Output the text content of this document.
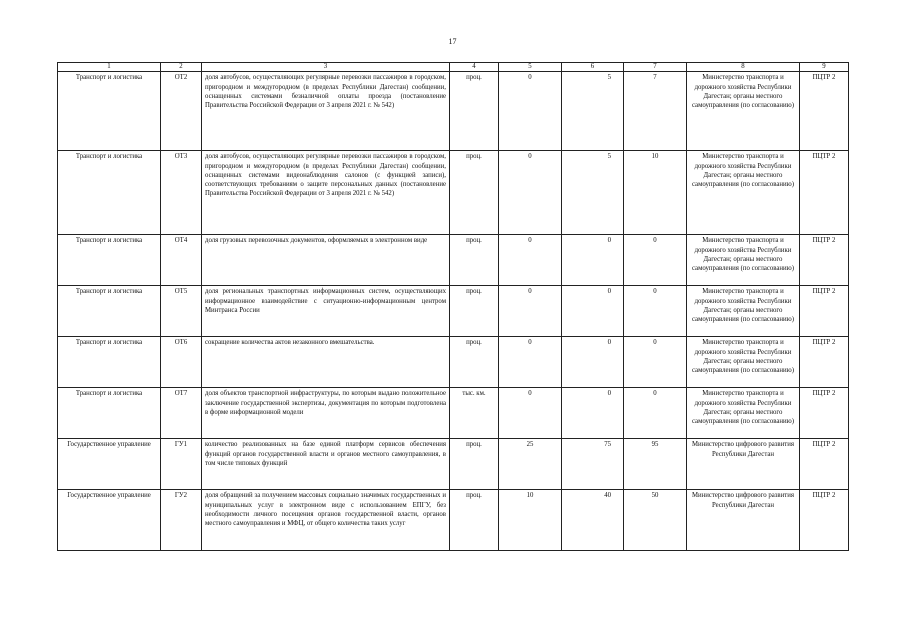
17
1	2	3	4	5	6	7	8	9
Транспорт и логистика	ОТ2	доля автобусов, осуществляющих регулярные перевозки пассажиров в городском, пригородном и междугородном (в пределах Республики Дагестан) сообщении, оснащенных системами безналичной оплаты проезда (постановление Правительства Российской Федерации от 3 апреля 2021 г. № 542)	проц.	0	5	7	Министерство транспорта и дорожного хозяйства Республики Дагестан; органы местного самоуправления (по согласованию)	ПЦТР 2
Транспорт и логистика	ОТ3	доля автобусов, осуществляющих регулярные перевозки пассажиров в городском, пригородном и междугородном (в пределах Республики Дагестан) сообщении, оснащенных системами видеонаблюдения салонов (с функцией записи), соответствующих требованиям о защите персональных данных (постановление Правительства Российской Федерации от 3 апреля 2021 г. № 542)	проц.	0	5	10	Министерство транспорта и дорожного хозяйства Республики Дагестан; органы местного самоуправления (по согласованию)	ПЦТР 2
Транспорт и логистика	ОТ4	доля грузовых перевозочных документов, оформляемых в электронном виде	проц.	0	0	0	Министерство транспорта и дорожного хозяйства Республики Дагестан; органы местного самоуправления (по согласованию)	ПЦТР 2
Транспорт и логистика	ОТ5	доля региональных транспортных информационных систем, осуществляющих информационное взаимодействие с ситуационно-информационным центром Минтранса России	проц.	0	0	0	Министерство транспорта и дорожного хозяйства Республики Дагестан; органы местного самоуправления (по согласованию)	ПЦТР 2
Транспорт и логистика	ОТ6	сокращение количества актов незаконного вмешательства.	проц.	0	0	0	Министерство транспорта и дорожного хозяйства Республики Дагестан; органы местного самоуправления (по согласованию)	ПЦТР 2
Транспорт и логистика	ОТ7	доля объектов транспортной инфраструктуры, по которым выдано положительное заключение государственной экспертизы, документация по которым подготовлена в форме информационной модели	тыс. км.	0	0	0	Министерство транспорта и дорожного хозяйства Республики Дагестан; органы местного самоуправления (по согласованию)	ПЦТР 2
Государственное управление	ГУ1	количество реализованных на базе единой платформ сервисов обеспечения функций органов государственной власти и органов местного самоуправления, в том числе типовых функций	проц.	25	75	95	Министерство цифрового развития Республики Дагестан	ПЦТР 2
Государственное управление	ГУ2	доля обращений за получением массовых социально значимых государственных и муниципальных услуг в электронном виде с использованием ЕПГУ, без необходимости личного посещения органов государственной власти, органов местного самоуправления и МФЦ, от общего количества таких услуг	проц.	10	40	50	Министерство цифрового развития Республики Дагестан	ПЦТР 2
